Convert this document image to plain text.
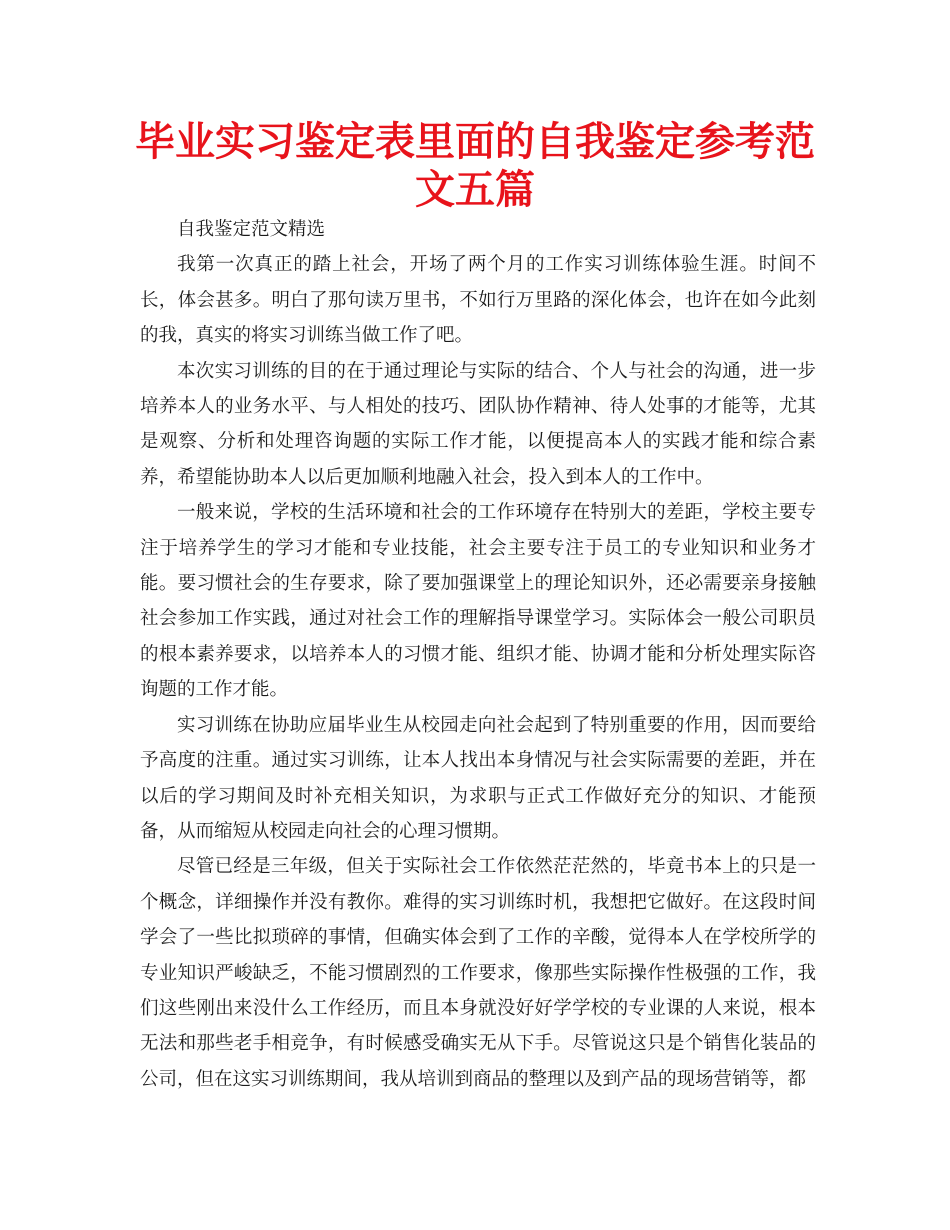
毕业实习鉴定表里面的自我鉴定参考范文五篇

自我鉴定范文精选

我第一次真正的踏上社会，开场了两个月的工作实习训练体验生涯。时间不长，体会甚多。明白了那句读万里书，不如行万里路的深化体会，也许在如今此刻的我，真实的将实习训练当做工作了吧。

本次实习训练的目的在于通过理论与实际的结合、个人与社会的沟通，进一步培养本人的业务水平、与人相处的技巧、团队协作精神、待人处事的才能等，尤其是观察、分析和处理咨询题的实际工作才能，以便提高本人的实践才能和综合素养，希望能协助本人以后更加顺利地融入社会，投入到本人的工作中。

一般来说，学校的生活环境和社会的工作环境存在特别大的差距，学校主要专注于培养学生的学习才能和专业技能，社会主要专注于员工的专业知识和业务才能。要习惯社会的生存要求，除了要加强课堂上的理论知识外，还必需要亲身接触社会参加工作实践，通过对社会工作的理解指导课堂学习。实际体会一般公司职员的根本素养要求，以培养本人的习惯才能、组织才能、协调才能和分析处理实际咨询题的工作才能。

实习训练在协助应届毕业生从校园走向社会起到了特别重要的作用，因而要给予高度的注重。通过实习训练，让本人找出本身情况与社会实际需要的差距，并在以后的学习期间及时补充相关知识，为求职与正式工作做好充分的知识、才能预备，从而缩短从校园走向社会的心理习惯期。

尽管已经是三年级，但关于实际社会工作依然茫茫然的，毕竟书本上的只是一个概念，详细操作并没有教你。难得的实习训练时机，我想把它做好。在这段时间学会了一些比拟琐碎的事情，但确实体会到了工作的辛酸，觉得本人在学校所学的专业知识严峻缺乏，不能习惯剧烈的工作要求，像那些实际操作性极强的工作，我们这些刚出来没什么工作经历，而且本身就没好好学学校的专业课的人来说，根本无法和那些老手相竞争，有时候感受确实无从下手。尽管说这只是个销售化装品的公司，但在这实习训练期间，我从培训到商品的整理以及到产品的现场营销等，都
